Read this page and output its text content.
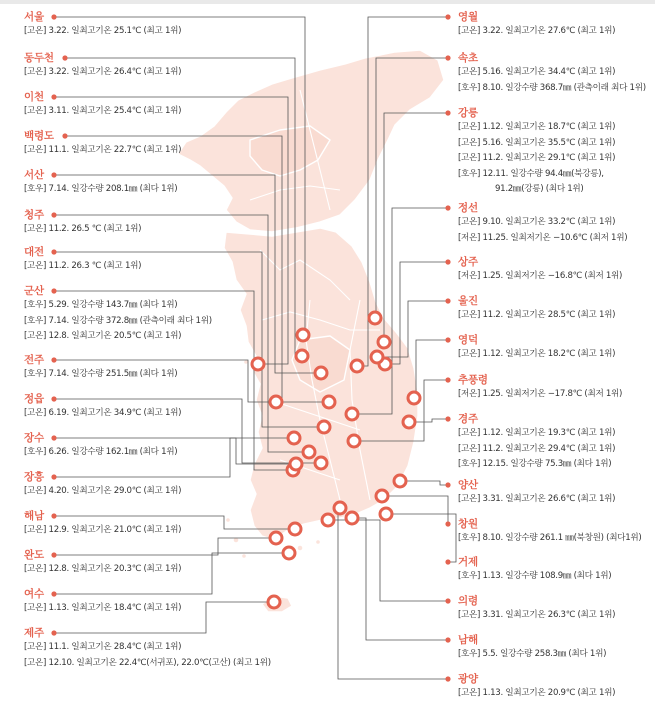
서울
[고온] 3.22. 일최고기온 25.1℃ (최고 1위)
동두천
[고온] 3.22. 일최고기온 26.4℃ (최고 1위)
이천
[고온] 3.11. 일최고기온 25.4℃ (최고 1위)
백령도
[고온] 11.1. 일최고기온 22.7℃ (최고 1위)
서산
[호우] 7.14. 일강수량 208.1㎜ (최다 1위)
청주
[고온] 11.2. 26.5 ℃ (최고 1위)
대전
[고온] 11.2. 26.3 ℃ (최고 1위)
군산
[호우] 5.29. 일강수량 143.7㎜ (최다 1위)
[호우] 7.14. 일강수량 372.8㎜ (관측이래 최다 1위)
[고온] 12.8. 일최고기온 20.5℃ (최고 1위)
전주
[호우] 7.14. 일강수량 251.5㎜ (최다 1위)
정읍
[고온] 6.19. 일최고기온 34.9℃ (최고 1위)
장수
[호우] 6.26. 일강수량 162.1㎜ (최다 1위)
장흥
[고온] 4.20. 일최고기온 29.0℃ (최고 1위)
해남
[고온] 12.9. 일최고기온 21.0℃ (최고 1위)
완도
[고온] 12.8. 일최고기온 20.3℃ (최고 1위)
여수
[고온] 1.13. 일최고기온 18.4℃ (최고 1위)
제주
[고온] 11.1. 일최고기온 28.4℃ (최고 1위)
[고온] 12.10. 일최고기온 22.4℃(서귀포), 22.0℃(고산) (최고 1위)
영월
[고온] 3.22. 일최고기온 27.6℃ (최고 1위)
속초
[고온] 5.16. 일최고기온 34.4℃ (최고 1위)
[호우] 8.10. 일강수량 368.7㎜ (관측이래 최다 1위)
강릉
[고온] 1.12. 일최고기온 18.7℃ (최고 1위)
[고온] 5.16. 일최고기온 35.5℃ (최고 1위)
[고온] 11.2. 일최고기온 29.1℃ (최고 1위)
[호우] 12.11. 일강수량 94.4㎜(북강릉),
91.2㎜(강릉) (최다 1위)
정선
[고온] 9.10. 일최고기온 33.2℃ (최고 1위)
[저온] 11.25. 일최저기온 −10.6℃ (최저 1위)
상주
[저온] 1.25. 일최저기온 −16.8℃ (최저 1위)
울진
[고온] 11.2. 일최고기온 28.5℃ (최고 1위)
영덕
[고온] 1.12. 일최고기온 18.2℃ (최고 1위)
추풍령
[저온] 1.25. 일최저기온 −17.8℃ (최저 1위)
경주
[고온] 1.12. 일최고기온 19.3℃ (최고 1위)
[고온] 11.2. 일최고기온 29.4℃ (최고 1위)
[호우] 12.15. 일강수량 75.3㎜ (최다 1위)
양산
[고온] 3.31. 일최고기온 26.6℃ (최고 1위)
창원
[호우] 8.10. 일강수량 261.1 ㎜(북창원) (최다1위)
거제
[호우] 1.13. 일강수량 108.9㎜ (최다 1위)
의령
[고온] 3.31. 일최고기온 26.3℃ (최고 1위)
남해
[호우] 5.5. 일강수량 258.3㎜ (최다 1위)
광양
[고온] 1.13. 일최고기온 20.9℃ (최고 1위)
